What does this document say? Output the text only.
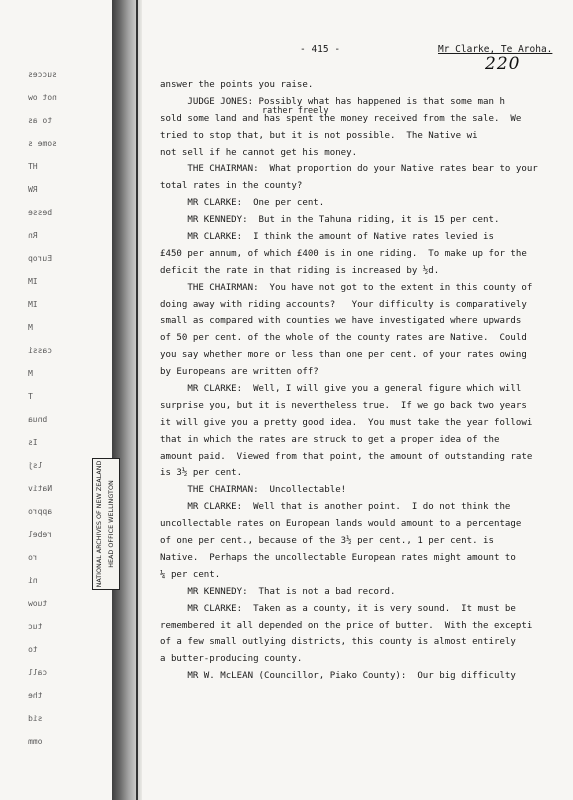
succes
not ow
to as
some s
HT
RW
besse
Rn
Europ
IM
IM
M
cassi
M
T
bnua
Is
lsj
Nativ
appro
rebel
ro
ni
tuow
tuc
to
call
the
sid
omm
NATIONAL ARCHIVES OF NEW ZEALAND HEAD OFFICE WELLINGTON
- 415 -	Mr Clarke, Te Aroha.
220
rather freely
answer the points you raise.
JUDGE JONES: Possibly what has happened is that some man h
sold some land and has spent the money received from the sale.  We
tried to stop that, but it is not possible.  The Native wi
not sell if he cannot get his money.
THE CHAIRMAN:  What proportion do your Native rates bear to your
total rates in the county?
MR CLARKE:  One per cent.
MR KENNEDY:  But in the Tahuna riding, it is 15 per cent.
MR CLARKE:  I think the amount of Native rates levied is
£450 per annum, of which £400 is in one riding.  To make up for the
deficit the rate in that riding is increased by ½d.
THE CHAIRMAN:  You have not got to the extent in this county of
doing away with riding accounts?   Your difficulty is comparatively
small as compared with counties we have investigated where upwards
of 50 per cent. of the whole of the county rates are Native.  Could
you say whether more or less than one per cent. of your rates owing
by Europeans are written off?
MR CLARKE:  Well, I will give you a general figure which will
surprise you, but it is nevertheless true.  If we go back two years
it will give you a pretty good idea.  You must take the year followi
that in which the rates are struck to get a proper idea of the
amount paid.  Viewed from that point, the amount of outstanding rate
is 3½ per cent.
THE CHAIRMAN:  Uncollectable!
MR CLARKE:  Well that is another point.  I do not think the
uncollectable rates on European lands would amount to a percentage
of one per cent., because of the 3½ per cent., 1 per cent. is
Native.  Perhaps the uncollectable European rates might amount to
¼ per cent.
MR KENNEDY:  That is not a bad record.
MR CLARKE:  Taken as a county, it is very sound.  It must be
remembered it all depended on the price of butter.  With the excepti
of a few small outlying districts, this county is almost entirely
a butter-producing county.
MR W. McLEAN (Councillor, Piako County):  Our big difficulty
